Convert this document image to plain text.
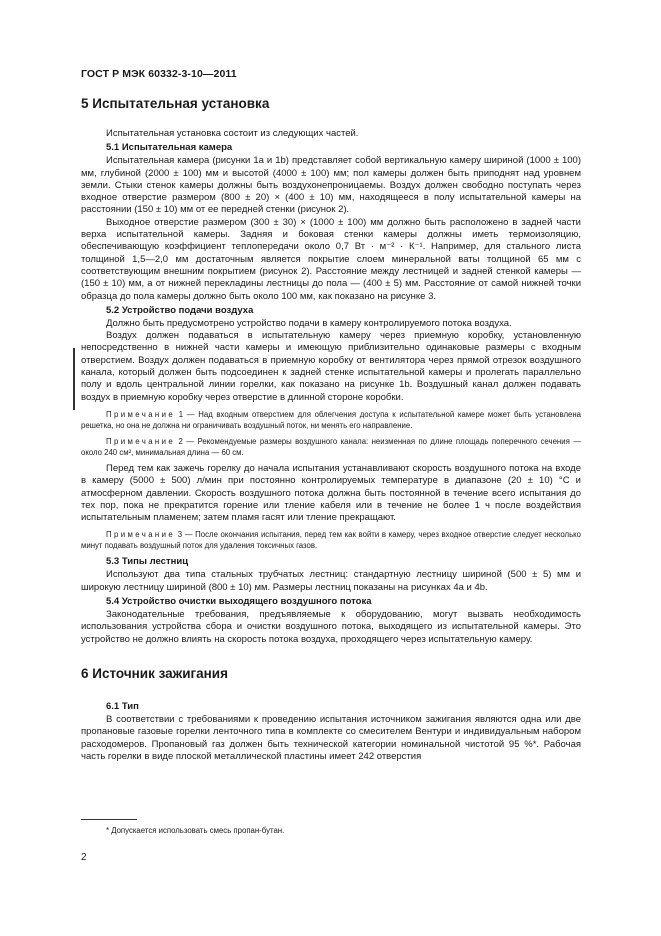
ГОСТ Р МЭК 60332-3-10—2011
5 Испытательная установка

Испытательная установка состоит из следующих частей.

5.1 Испытательная камера

Испытательная камера (рисунки 1a и 1b) представляет собой вертикальную камеру шириной (1000 ± 100) мм, глубиной (2000 ± 100) мм и высотой (4000 ± 100) мм; пол камеры должен быть приподнят над уровнем земли. Стыки стенок камеры должны быть воздухонепроницаемы. Воздух должен свободно поступать через входное отверстие размером (800 ± 20) × (400 ± 10) мм, находящееся в полу испытательной камеры на расстоянии (150 ± 10) мм от ее передней стенки (рисунок 2).

Выходное отверстие размером (300 ± 30) × (1000 ± 100) мм должно быть расположено в задней части верха испытательной камеры. Задняя и боковая стенки камеры должны иметь термоизоляцию, обеспечивающую коэффициент теплопередачи около 0,7 Вт · м⁻² · К⁻¹. Например, для стального листа толщиной 1,5—2,0 мм достаточным является покрытие слоем минеральной ваты толщиной 65 мм с соответствующим внешним покрытием (рисунок 2). Расстояние между лестницей и задней стенкой камеры — (150 ± 10) мм, а от нижней перекладины лестницы до пола — (400 ± 5) мм. Расстояние от самой нижней точки образца до пола камеры должно быть около 100 мм, как показано на рисунке 3.

5.2 Устройство подачи воздуха

Должно быть предусмотрено устройство подачи в камеру контролируемого потока воздуха.

Воздух должен подаваться в испытательную камеру через приемную коробку, установленную непосредственно в нижней части камеры и имеющую приблизительно одинаковые размеры с входным отверстием. Воздух должен подаваться в приемную коробку от вентилятора через прямой отрезок воздушного канала, который должен быть подсоединен к задней стенке испытательной камеры и пролегать параллельно полу и вдоль центральной линии горелки, как показано на рисунке 1b. Воздушный канал должен подавать воздух в приемную коробку через отверстие в длинной стороне коробки.

Примечание 1 — Над входным отверстием для облегчения доступа к испытательной камере может быть установлена решетка, но она не должна ни ограничивать воздушный поток, ни менять его направление.

Примечание 2 — Рекомендуемые размеры воздушного канала: неизменная по длине площадь поперечного сечения — около 240 см², минимальная длина — 60 см.

Перед тем как зажечь горелку до начала испытания устанавливают скорость воздушного потока на входе в камеру (5000 ± 500) л/мин при постоянно контролируемых температуре в диапазоне (20 ± 10) °С и атмосферном давлении. Скорость воздушного потока должна быть постоянной в течение всего испытания до тех пор, пока не прекратится горение или тление кабеля или в течение не более 1 ч после воздействия испытательным пламенем; затем пламя гасят или тление прекращают.

Примечание 3 — После окончания испытания, перед тем как войти в камеру, через входное отверстие следует несколько минут подавать воздушный поток для удаления токсичных газов.

5.3 Типы лестниц

Используют два типа стальных трубчатых лестниц: стандартную лестницу шириной (500 ± 5) мм и широкую лестницу шириной (800 ± 10) мм. Размеры лестниц показаны на рисунках 4a и 4b.

5.4 Устройство очистки выходящего воздушного потока

Законодательные требования, предъявляемые к оборудованию, могут вызвать необходимость использования устройства сбора и очистки воздушного потока, выходящего из испытательной камеры. Это устройство не должно влиять на скорость потока воздуха, проходящего через испытательную камеру.

6 Источник зажигания
6.1 Тип

В соответствии с требованиями к проведению испытания источником зажигания являются одна или две пропановые газовые горелки ленточного типа в комплекте со смесителем Вентури и индивидуальным набором расходомеров. Пропановый газ должен быть технической категории номинальной чистотой 95 %*. Рабочая часть горелки в виде плоской металлической пластины имеет 242 отверстия

* Допускается использовать смесь пропан-бутан.
2
